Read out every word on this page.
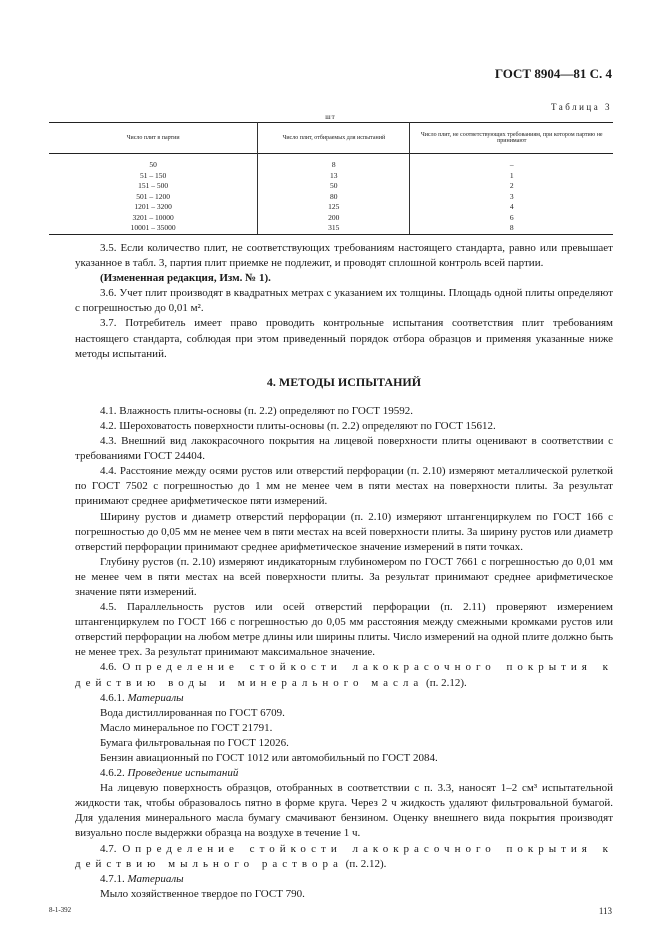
ГОСТ 8904—81 С. 4
Таблица 3
шт
Число плит в партии	Число плит, отбираемых для испытаний	Число плит, не соответствующих требованиям, при котором партию не принимают
50	8	–
51 – 150	13	1
151 – 500	50	2
501 – 1200	80	3
1201 – 3200	125	4
3201 – 10000	200	6
10001 – 35000	315	8

3.5. Если количество плит, не соответствующих требованиям настоящего стандарта, равно или превышает указанное в табл. 3, партия плит приемке не подлежит, и проводят сплошной контроль всей партии.

(Измененная редакция, Изм. № 1).

3.6. Учет плит производят в квадратных метрах с указанием их толщины. Площадь одной плиты определяют с погрешностью до 0,01 м².

3.7. Потребитель имеет право проводить контрольные испытания соответствия плит требованиям настоящего стандарта, соблюдая при этом приведенный порядок отбора образцов и применяя указанные ниже методы испытаний.

4. МЕТОДЫ ИСПЫТАНИЙ

4.1. Влажность плиты-основы (п. 2.2) определяют по ГОСТ 19592.

4.2. Шероховатость поверхности плиты-основы (п. 2.2) определяют по ГОСТ 15612.

4.3. Внешний вид лакокрасочного покрытия на лицевой поверхности плиты оценивают в соответствии с требованиями ГОСТ 24404.

4.4. Расстояние между осями рустов или отверстий перфорации (п. 2.10) измеряют металлической рулеткой по ГОСТ 7502 с погрешностью до 1 мм не менее чем в пяти местах на поверхности плиты. За результат принимают среднее арифметическое пяти измерений.

Ширину рустов и диаметр отверстий перфорации (п. 2.10) измеряют штангенциркулем по ГОСТ 166 с погрешностью до 0,05 мм не менее чем в пяти местах на всей поверхности плиты. За ширину рустов или диаметр отверстий перфорации принимают среднее арифметическое значение измерений в пяти точках.

Глубину рустов (п. 2.10) измеряют индикаторным глубиномером по ГОСТ 7661 с погрешностью до 0,01 мм не менее чем в пяти местах на всей поверхности плиты. За результат принимают среднее арифметическое значение пяти измерений.

4.5. Параллельность рустов или осей отверстий перфорации (п. 2.11) проверяют измерением штангенциркулем по ГОСТ 166 с погрешностью до 0,05 мм расстояния между смежными кромками рустов или отверстий перфорации на любом метре длины или ширины плиты. Число измерений на одной плите должно быть не менее трех. За результат принимают максимальное значение.

4.6. Определение стойкости лакокрасочного покрытия к действию воды и минерального масла (п. 2.12).

4.6.1. Материалы

Вода дистиллированная по ГОСТ 6709.

Масло минеральное по ГОСТ 21791.

Бумага фильтровальная по ГОСТ 12026.

Бензин авиационный по ГОСТ 1012 или автомобильный по ГОСТ 2084.

4.6.2. Проведение испытаний

На лицевую поверхность образцов, отобранных в соответствии с п. 3.3, наносят 1–2 см³ испытательной жидкости так, чтобы образовалось пятно в форме круга. Через 2 ч жидкость удаляют фильтровальной бумагой. Для удаления минерального масла бумагу смачивают бензином. Оценку внешнего вида покрытия производят визуально после выдержки образца на воздухе в течение 1 ч.

4.7. Определение стойкости лакокрасочного покрытия к действию мыльного раствора (п. 2.12).

4.7.1. Материалы

Мыло хозяйственное твердое по ГОСТ 790.

8-1-392	113
